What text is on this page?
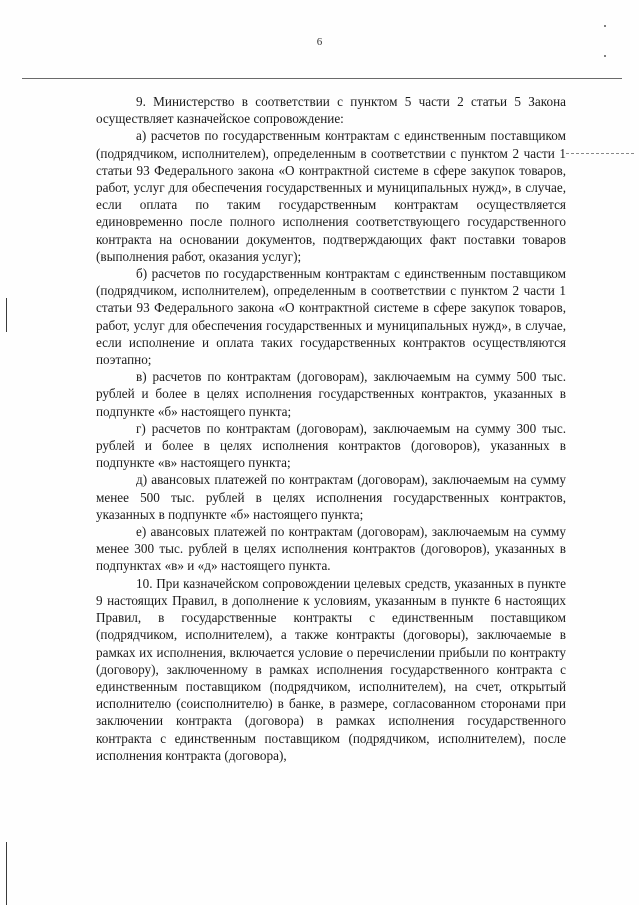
6

9. Министерство в соответствии с пунктом 5 части 2 статьи 5 Закона осуществляет казначейское сопровождение:

а) расчетов по государственным контрактам с единственным поставщиком (подрядчиком, исполнителем), определенным в соответствии с пунктом 2 части 1 статьи 93 Федерального закона «О контрактной системе в сфере закупок товаров, работ, услуг для обеспечения государственных и муниципальных нужд», в случае, если оплата по таким государственным контрактам осуществляется единовременно после полного исполнения соответствующего государственного контракта на основании документов, подтверждающих факт поставки товаров (выполнения работ, оказания услуг);

б) расчетов по государственным контрактам с единственным поставщиком (подрядчиком, исполнителем), определенным в соответствии с пунктом 2 части 1 статьи 93 Федерального закона «О контрактной системе в сфере закупок товаров, работ, услуг для обеспечения государственных и муниципальных нужд», в случае, если исполнение и оплата таких государственных контрактов осуществляются поэтапно;

в) расчетов по контрактам (договорам), заключаемым на сумму 500 тыс. рублей и более в целях исполнения государственных контрактов, указанных в подпункте «б» настоящего пункта;

г) расчетов по контрактам (договорам), заключаемым на сумму 300 тыс. рублей и более в целях исполнения контрактов (договоров), указанных в подпункте «в» настоящего пункта;

д) авансовых платежей по контрактам (договорам), заключаемым на сумму менее 500 тыс. рублей в целях исполнения государственных контрактов, указанных в подпункте «б» настоящего пункта;

е) авансовых платежей по контрактам (договорам), заключаемым на сумму менее 300 тыс. рублей в целях исполнения контрактов (договоров), указанных в подпунктах «в» и «д» настоящего пункта.

10. При казначейском сопровождении целевых средств, указанных в пункте 9 настоящих Правил, в дополнение к условиям, указанным в пункте 6 настоящих Правил, в государственные контракты с единственным поставщиком (подрядчиком, исполнителем), а также контракты (договоры), заключаемые в рамках их исполнения, включается условие о перечислении прибыли по контракту (договору), заключенному в рамках исполнения государственного контракта с единственным поставщиком (подрядчиком, исполнителем), на счет, открытый исполнителю (соисполнителю) в банке, в размере, согласованном сторонами при заключении контракта (договора) в рамках исполнения государственного контракта с единственным поставщиком (подрядчиком, исполнителем), после исполнения контракта (договора),
